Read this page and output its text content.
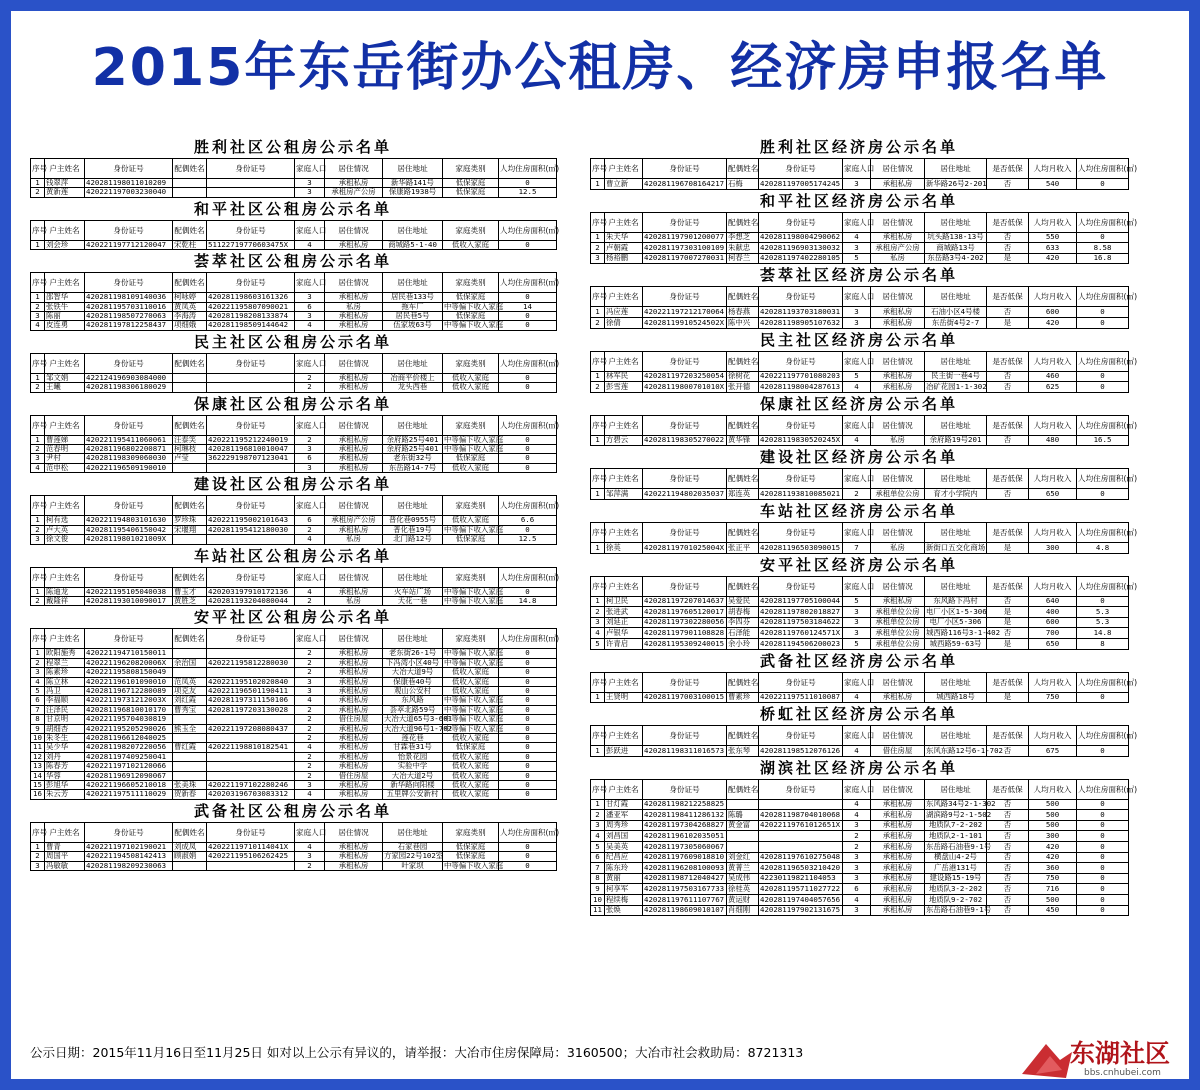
2015年东岳街办公租房、经济房申报名单
胜利社区公租房公示名单
序号	户主姓名	身份证号	配偶姓名	身份证号	家庭人口	居住情况	居住地址	家庭类别	人均住房面积(㎡)
1	钱翠萍	420281198011010209			3	承租私房	新华路141号	低保家庭	0
2	黄新莲	420221197003230040			3	承租房产公房	保康路1938号	低保家庭	12.5
和平社区公租房公示名单
序号	户主姓名	身份证号	配偶姓名	身份证号	家庭人口	居住情况	居住地址	家庭类别	人均住房面积(㎡)
1	刘会珍	420221197712120047	宋乾柱	51122719770603475X	4	承租私房	商城路5-1-40	低收入家庭	0
荟萃社区公租房公示名单
序号	户主姓名	身份证号	配偶姓名	身份证号	家庭人口	居住情况	居住地址	家庭类别	人均住房面积(㎡)
1	邵智华	420281198109140036	柯咏婷	420281198603161326	3	承租私房	居民巷133号	低保家庭	0
2	张铁牛	420281195703110016	黄凤英	420221195807090021	6	私房	拖车厂	中等偏下收入家庭	14
3	陈丽	420281198507270063	李海涛	420281198208133874	3	承租私房	居民巷5号	低保家庭	0
4	皮连勇	420281197812258437	项细娥	420281198509144642	4	承租私房	伍家坡63号	中等偏下收入家庭	0
民主社区公租房公示名单
序号	户主姓名	身份证号	配偶姓名	身份证号	家庭人口	居住情况	居住地址	家庭类别	人均住房面积(㎡)
1	邹文娟	422124196903084000			2	承租私房	冶商平价楼上	低收入家庭	0
2	王曦	420281198306180029			2	承租私房	龙头西巷	低收入家庭	0
保康社区公租房公示名单
序号	户主姓名	身份证号	配偶姓名	身份证号	家庭人口	居住情况	居住地址	家庭类别	人均住房面积(㎡)
1	曹莲娣	420221195411060061	汪泰笑	420221195212240019	2	承租私房	余府路25号401	中等偏下收入家庭	0
2	范春明	420281196802200871	柯琳枝	420281196810010047	3	承租私房	余府路25号401	中等偏下收入家庭	0
3	尹村	420281198309060030	卢莹	362229198707123041	6	承租私房	老东街32号	低保家庭	0
4	范申松	420221196509190010			3	承租私房	东岳路14-7号	低收入家庭	0
建设社区公租房公示名单
序号	户主姓名	身份证号	配偶姓名	身份证号	家庭人口	居住情况	居住地址	家庭类别	人均住房面积(㎡)
1	柯有选	420221194803101630	罗珍珠	420221195002101643	6	承租房产公房	普化巷0955号	低收入家庭	6.6
2	卢大英	420281195406150042	宋堰翔	420281195412180030	2	承租私房	普化巷19号	中等偏下收入家庭	0
3	徐文俊	42028119801021009X			4	私房	北门路12号	低保家庭	12.5
车站社区公租房公示名单
序号	户主姓名	身份证号	配偶姓名	身份证号	家庭人口	居住情况	居住地址	家庭类别	人均住房面积(㎡)
1	陈迪龙	420221195105040038	曹玉才	420203197910172136	4	承租私房	火车站广场	中等偏下收入家庭	0
2	戴隆祥	420281193010090017	黄胜芝	420281193204080044	2	私房	天花一巷	中等偏下收入家庭	14.8
安平社区公租房公示名单
序号	户主姓名	身份证号	配偶姓名	身份证号	家庭人口	居住情况	居住地址	家庭类别	人均住房面积(㎡)
1	欧阳施秀	420221194710150011			2	承租私房	老东街26-1号	中等偏下收入家庭	0
2	程翠兰	42022119620820006X	余治国	420221195812280030	2	承租私房	下冯湾小区40号	中等偏下收入家庭	0
3	陈素珍	420221195808150049			2	承租私房	大冶大道9号	低收入家庭	0
4	陈立林	420221196101090010	范凤英	420221195102020840	3	承租私房	保康巷40号	低收入家庭	0
5	冯卫	420281196712280089	项克友	420221196501190411	3	承租私房	观山公安村	低收入家庭	0
6	李福顺	42022119731212003X	刘红霞	420281197311150106	4	承租私房	东风路	中等偏下收入家庭	0
7	汪泽民	420281196810010170	曹秀宝	420281197203130028	2	承租私房	荟萃北路59号	中等偏下收入家庭	0
8	甘京明	420221195704030819			2	借住房屋	大冶大道65号3-601	中等偏下收入家庭	0
9	胡细杏	420221195205290026	熊玉全	420221197208080437	2	承租私房	大冶大道96号1-702	中等偏下收入家庭	0
10	朱冬生	420281196612040025			2	承租私房	莲花巷	低收入家庭	0
11	吴少华	420281198207220056	曹红霞	420221198810182541	4	承租私房	甘霖巷31号	低保家庭	0
12	刘丹	420281197409250041			2	承租私房	怡景花园	低收入家庭	0
13	陈春芳	420221197102120066			2	承租私房	实验中学	低收入家庭	0
14	华蓉	420281196912090067			2	借住房屋	大冶大道2号	低收入家庭	0
15	彭旭华	420221196605210018	张美珠	420221197102280246	3	承租私房	新华路向阳楼	低收入家庭	0
16	朱云芳	420221197511110029	贺新春	420203196703083312	4	承租私房	五里牌公安新村	低收入家庭	0
武备社区公租房公示名单
序号	户主姓名	身份证号	配偶姓名	身份证号	家庭人口	居住情况	居住地址	家庭类别	人均住房面积(㎡)
1	曹青	420221197102190021	刘成凤	42022119710114041X	4	承租私房	石家巷园	低保家庭	0
2	周国平	420221194508142413	顾淑娟	420221195106262425	3	承租私房	方家园22号102室	低保家庭	0
3	冯敏敏	420281198209230063			2	承租私房	叶家坝	中等偏下收入家庭	0
胜利社区经济房公示名单
序号	户主姓名	身份证号	配偶姓名	身份证号	家庭人口	居住情况	居住地址	是否低保	人均月收入	人均住房面积(㎡)
1	曹立新	420281196708164217	石梅	420281197005174245	3	承租私房	新华路26号2-201	否	540	0
和平社区经济房公示名单
序号	户主姓名	身份证号	配偶姓名	身份证号	家庭人口	居住情况	居住地址	是否低保	人均月收入	人均住房面积(㎡)
1	朱天华	420281197901200077	李想芝	420281198004290062	4	承租私房	坑头路138-13号	否	550	0
2	卢朝霞	420281197303100109	朱献忠	420281196903130032	3	承租房产公房	商城路13号	否	633	8.58
3	杨裕鹏	420281197007270031	柯春兰	420281197402280105	5	私房	东岳路3号4-202	是	420	16.8
荟萃社区经济房公示名单
序号	户主姓名	身份证号	配偶姓名	身份证号	家庭人口	居住情况	居住地址	是否低保	人均月收入	人均住房面积(㎡)
1	冯应莲	420221197212170064	杨春燕	420281193703180031	3	承租私房	石油小区4号楼	否	600	0
2	徐倩	42028119910524502X	陈中兴	420281198905107632	3	承租私房	东岳街4号2-7	是	420	0
民主社区经济房公示名单
序号	户主姓名	身份证号	配偶姓名	身份证号	家庭人口	居住情况	居住地址	是否低保	人均月收入	人均住房面积(㎡)
1	林军民	420281197203250054	徐树花	420221197701080203	5	承租私房	民主街一巷4号	否	460	0
2	彭雪莲	42028119800701010X	张开德	420281198004287613	4	承租私房	冶矿花园1-1-302	否	625	0
保康社区经济房公示名单
序号	户主姓名	身份证号	配偶姓名	身份证号	家庭人口	居住情况	居住地址	是否低保	人均月收入	人均住房面积(㎡)
1	方碧云	420281198305270022	黄华锋	42028119830520245X	4	私房	余府路19号201	否	480	16.5
建设社区经济房公示名单
序号	户主姓名	身份证号	配偶姓名	身份证号	家庭人口	居住情况	居住地址	是否低保	人均月收入	人均住房面积(㎡)
1	邹萍满	420221194802035037	郑连英	420281193810085021	2	承租单位公房	育才小学院内	否	650	0
车站社区经济房公示名单
序号	户主姓名	身份证号	配偶姓名	身份证号	家庭人口	居住情况	居住地址	是否低保	人均月收入	人均住房面积(㎡)
1	徐英	42028119701025004X	张正平	420281196503090015	7	私房	新街口五交化商场	是	300	4.8
安平社区经济房公示名单
序号	户主姓名	身份证号	配偶姓名	身份证号	家庭人口	居住情况	居住地址	是否低保	人均月收入	人均住房面积(㎡)
1	柯卫民	420281197207014637	吴爱民	420281197705100044	5	承租私房	东风路下冯村	否	640	0
2	张进武	420281197605120017	胡春梅	420281197802018827	3	承租单位公房	电厂小区1-5-306	是	400	5.3
3	刘延正	420281197302280056	李四芬	420281197503184622	3	承租单位公房	电厂小区5-306	是	600	5.3
4	卢银华	420281197901108828	石泽能	42028119760124571X	3	承租单位公房	城西路116号3-1-402	否	700	14.8
5	许青启	420281195309240015	余小玲	420281194506200023	5	承租单位公房	城西路59-63号	是	650	8
武备社区经济房公示名单
序号	户主姓名	身份证号	配偶姓名	身份证号	家庭人口	居住情况	居住地址	是否低保	人均月收入	人均住房面积(㎡)
1	王贤明	420281197003100015	曹素珍	420221197511010087	4	承租私房	城西路18号	是	750	0
桥虹社区经济房公示名单
序号	户主姓名	身份证号	配偶姓名	身份证号	家庭人口	居住情况	居住地址	是否低保	人均月收入	人均住房面积(㎡)
1	彭跃进	420281198311016573	张东琴	420281198512076126	4	借住房屋	东风东路12号6-1-702	否	675	0
湖滨社区经济房公示名单
序号	户主姓名	身份证号	配偶姓名	身份证号	家庭人口	居住情况	居住地址	是否低保	人均月收入	人均住房面积(㎡)
1	甘灯霞	420281198212258825			4	承租私房	东风路34号2-1-302	否	500	0
2	潘亚军	420281198411286132	陈璐	420281198704010068	4	承租私房	湖滨路9号2-1-502	否	500	0
3	周秀珍	420281197304268827	黄金富	42022119761012651X	3	承租私房	地质队7-2-202	否	500	0
4	刘昌国	420281196102035051			2	承租私房	地质队2-1-101	否	300	0
5	吴美英	420281197305060067			2	承租私房	东岳路石油巷9-1号	否	420	0
6	纪昌应	420281197609018810	刘金红	420281197610275048	3	承租私房	横盘山4-2号	否	420	0
7	陈东玲	420281196208100093	黄菁兰	420281196503210420	3	承租私房	广岳港131号	否	360	0
8	黄丽	420281198712040427	吴成伟	42230119821104053	3	承租私房	建设路15-19号	否	750	0
9	柯享军	420281197503167733	徐桂英	420281195711027722	6	承租私房	地质队3-2-202	否	716	0
10	程续梅	420281197611107767	黄运财	420281197404057656	4	承租私房	地质队9-2-702	否	500	0
11	张焕	420281198609010107	肖细刚	420281197902131675	3	承租私房	东岳路石油巷9-1号	否	450	0
公示日期：2015年11月16日至11月25日 如对以上公示有异议的，请举报：大冶市住房保障局：3160500；大冶市社会救助局：8721313	东湖社区
bbs.cnhubei.com
